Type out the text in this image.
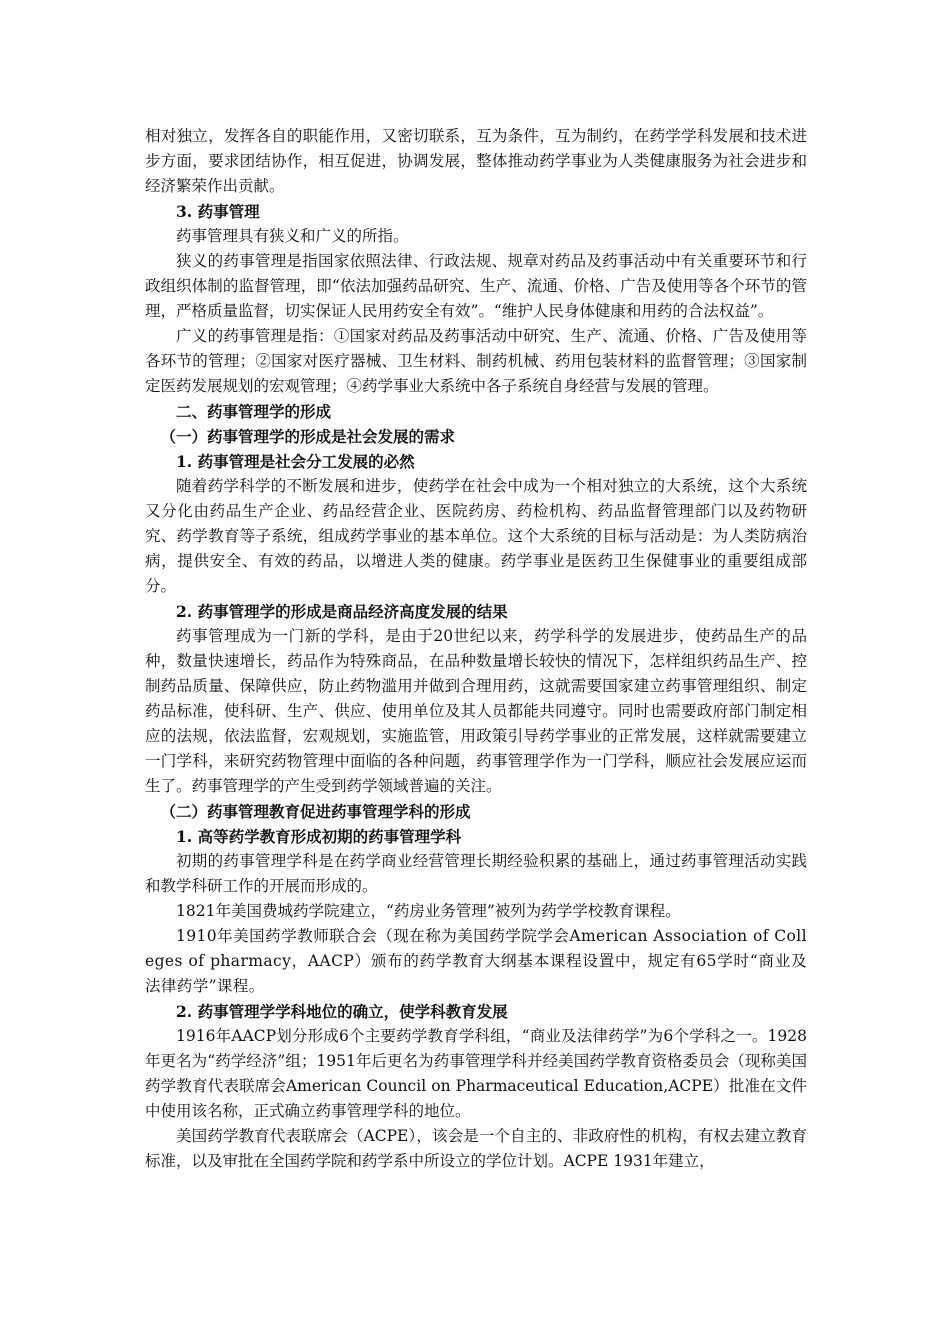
相对独立，发挥各自的职能作用，又密切联系，互为条件，互为制约，在药学学科发展和技术进步方面，要求团结协作，相互促进，协调发展，整体推动药学事业为人类健康服务为社会进步和经济繁荣作出贡献。

3. 药事管理

药事管理具有狭义和广义的所指。

狭义的药事管理是指国家依照法律、行政法规、规章对药品及药事活动中有关重要环节和行政组织体制的监督管理，即“依法加强药品研究、生产、流通、价格、广告及使用等各个环节的管理，严格质量监督，切实保证人民用药安全有效”。“维护人民身体健康和用药的合法权益”。

广义的药事管理是指：①国家对药品及药事活动中研究、生产、流通、价格、广告及使用等各环节的管理；②国家对医疗器械、卫生材料、制药机械、药用包装材料的监督管理；③国家制定医药发展规划的宏观管理；④药学事业大系统中各子系统自身经营与发展的管理。

二、药事管理学的形成

（一）药事管理学的形成是社会发展的需求

1. 药事管理是社会分工发展的必然

随着药学科学的不断发展和进步，使药学在社会中成为一个相对独立的大系统，这个大系统又分化由药品生产企业、药品经营企业、医院药房、药检机构、药品监督管理部门以及药物研究、药学教育等子系统，组成药学事业的基本单位。这个大系统的目标与活动是：为人类防病治病，提供安全、有效的药品，以增进人类的健康。药学事业是医药卫生保健事业的重要组成部分。

2. 药事管理学的形成是商品经济高度发展的结果

药事管理成为一门新的学科，是由于20世纪以来，药学科学的发展进步，使药品生产的品种，数量快速增长，药品作为特殊商品，在品种数量增长较快的情况下，怎样组织药品生产、控制药品质量、保障供应，防止药物滥用并做到合理用药，这就需要国家建立药事管理组织、制定药品标准，使科研、生产、供应、使用单位及其人员都能共同遵守。同时也需要政府部门制定相应的法规，依法监督，宏观规划，实施监管，用政策引导药学事业的正常发展，这样就需要建立一门学科，来研究药物管理中面临的各种问题，药事管理学作为一门学科，顺应社会发展应运而生了。药事管理学的产生受到药学领域普遍的关注。

（二）药事管理教育促进药事管理学科的形成

1. 高等药学教育形成初期的药事管理学科

初期的药事管理学科是在药学商业经营管理长期经验积累的基础上，通过药事管理活动实践和教学科研工作的开展而形成的。

1821年美国费城药学院建立，“药房业务管理”被列为药学学校教育课程。

1910年美国药学教师联合会（现在称为美国药学院学会American Association of Colleges of pharmacy，AACP）颁布的药学教育大纲基本课程设置中，规定有65学时“商业及法律药学”课程。

2. 药事管理学学科地位的确立，使学科教育发展

1916年AACP划分形成6个主要药学教育学科组，“商业及法律药学”为6个学科之一。1928年更名为“药学经济”组；1951年后更名为药事管理学科并经美国药学教育资格委员会（现称美国药学教育代表联席会American Council on Pharmaceutical Education,ACPE）批准在文件中使用该名称，正式确立药事管理学科的地位。

美国药学教育代表联席会（ACPE），该会是一个自主的、非政府性的机构，有权去建立教育标准，以及审批在全国药学院和药学系中所设立的学位计划。ACPE 1931年建立，
